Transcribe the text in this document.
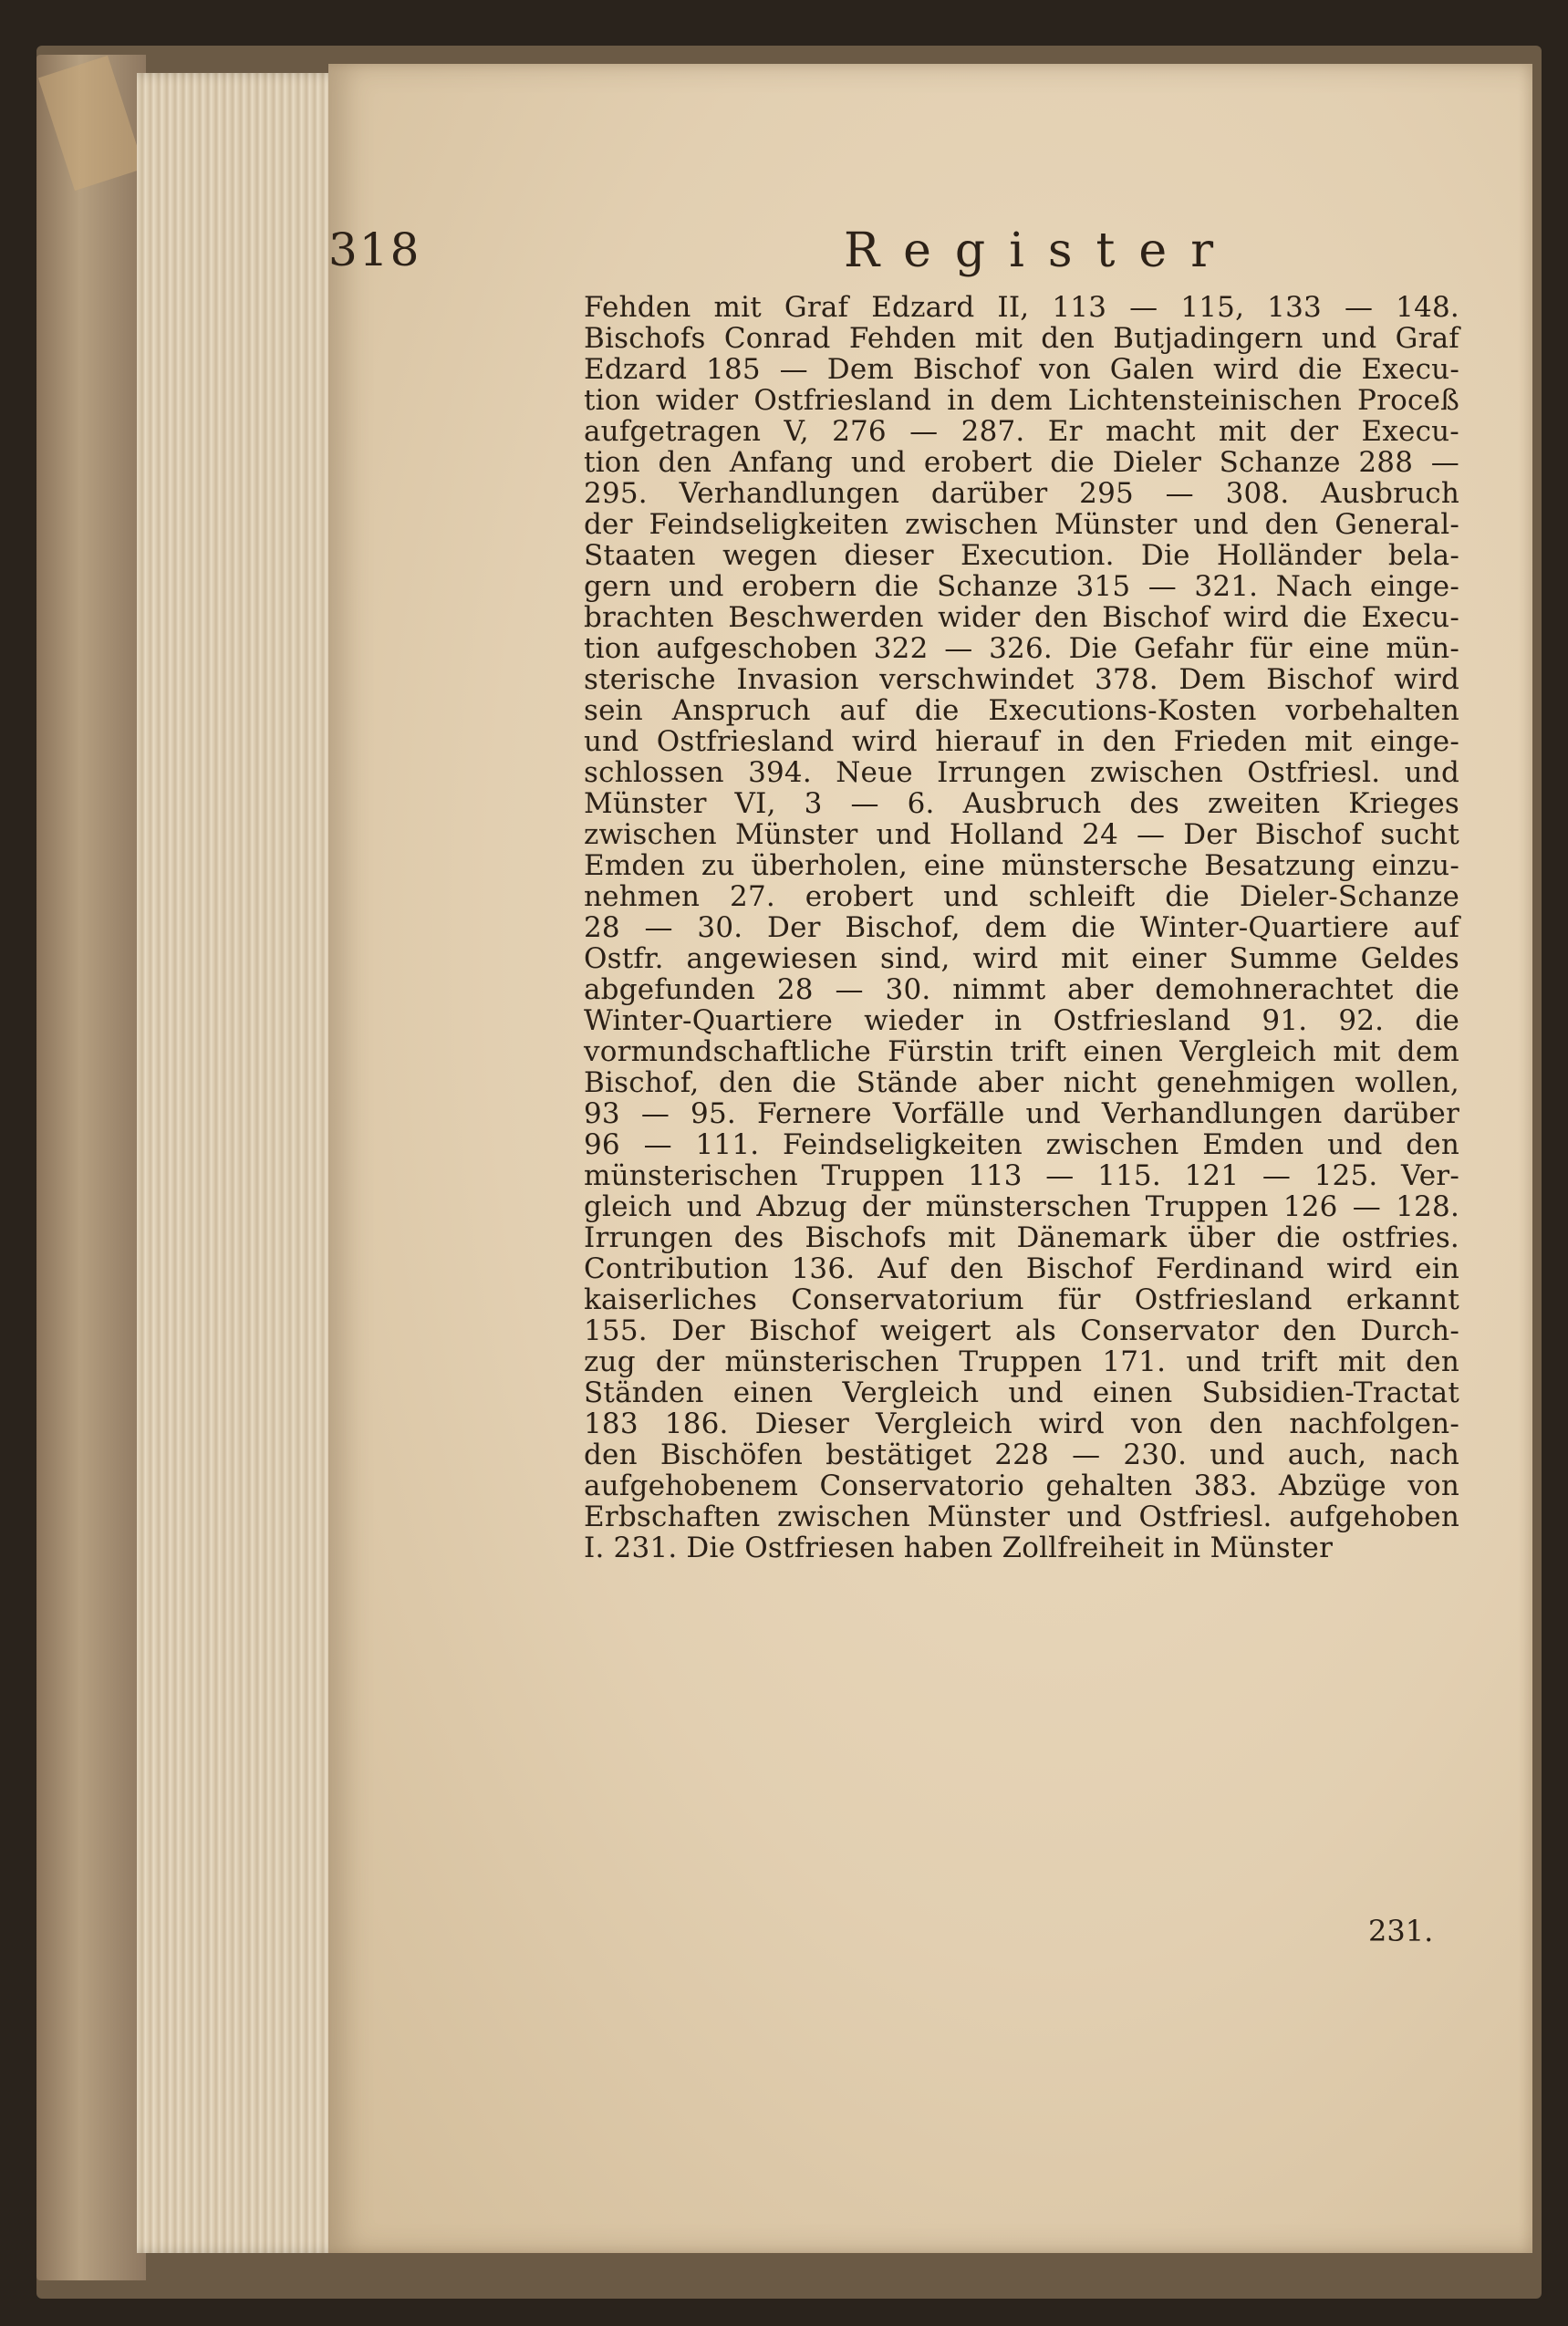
318	Register
Fehden mit Graf Edzard II, 113 — 115, 133 — 148.
Bischofs Conrad Fehden mit den Butjadingern und Graf
Edzard 185 — Dem Bischof von Galen wird die Execu-
tion wider Ostfriesland in dem Lichtensteinischen Proceß
aufgetragen V, 276 — 287. Er macht mit der Execu-
tion den Anfang und erobert die Dieler Schanze 288 —
295. Verhandlungen darüber 295 — 308. Ausbruch
der Feindseligkeiten zwischen Münster und den General-
Staaten wegen dieser Execution. Die Holländer bela-
gern und erobern die Schanze 315 — 321. Nach einge-
brachten Beschwerden wider den Bischof wird die Execu-
tion aufgeschoben 322 — 326. Die Gefahr für eine mün-
sterische Invasion verschwindet 378. Dem Bischof wird
sein Anspruch auf die Executions-Kosten vorbehalten
und Ostfriesland wird hierauf in den Frieden mit einge-
schlossen 394. Neue Irrungen zwischen Ostfriesl. und
Münster VI, 3 — 6. Ausbruch des zweiten Krieges
zwischen Münster und Holland 24 — Der Bischof sucht
Emden zu überholen, eine münstersche Besatzung einzu-
nehmen 27. erobert und schleift die Dieler-Schanze
28 — 30. Der Bischof, dem die Winter-Quartiere auf
Ostfr. angewiesen sind, wird mit einer Summe Geldes
abgefunden 28 — 30. nimmt aber demohnerachtet die
Winter-Quartiere wieder in Ostfriesland 91. 92. die
vormundschaftliche Fürstin trift einen Vergleich mit dem
Bischof, den die Stände aber nicht genehmigen wollen,
93 — 95. Fernere Vorfälle und Verhandlungen darüber
96 — 111. Feindseligkeiten zwischen Emden und den
münsterischen Truppen 113 — 115. 121 — 125. Ver-
gleich und Abzug der münsterschen Truppen 126 — 128.
Irrungen des Bischofs mit Dänemark über die ostfries.
Contribution 136. Auf den Bischof Ferdinand wird ein
kaiserliches Conservatorium für Ostfriesland erkannt
155. Der Bischof weigert als Conservator den Durch-
zug der münsterischen Truppen 171. und trift mit den
Ständen einen Vergleich und einen Subsidien-Tractat
183 186. Dieser Vergleich wird von den nachfolgen-
den Bischöfen bestätiget 228 — 230. und auch, nach
aufgehobenem Conservatorio gehalten 383. Abzüge von
Erbschaften zwischen Münster und Ostfriesl. aufgehoben
I. 231. Die Ostfriesen haben Zollfreiheit in Münster
231.
